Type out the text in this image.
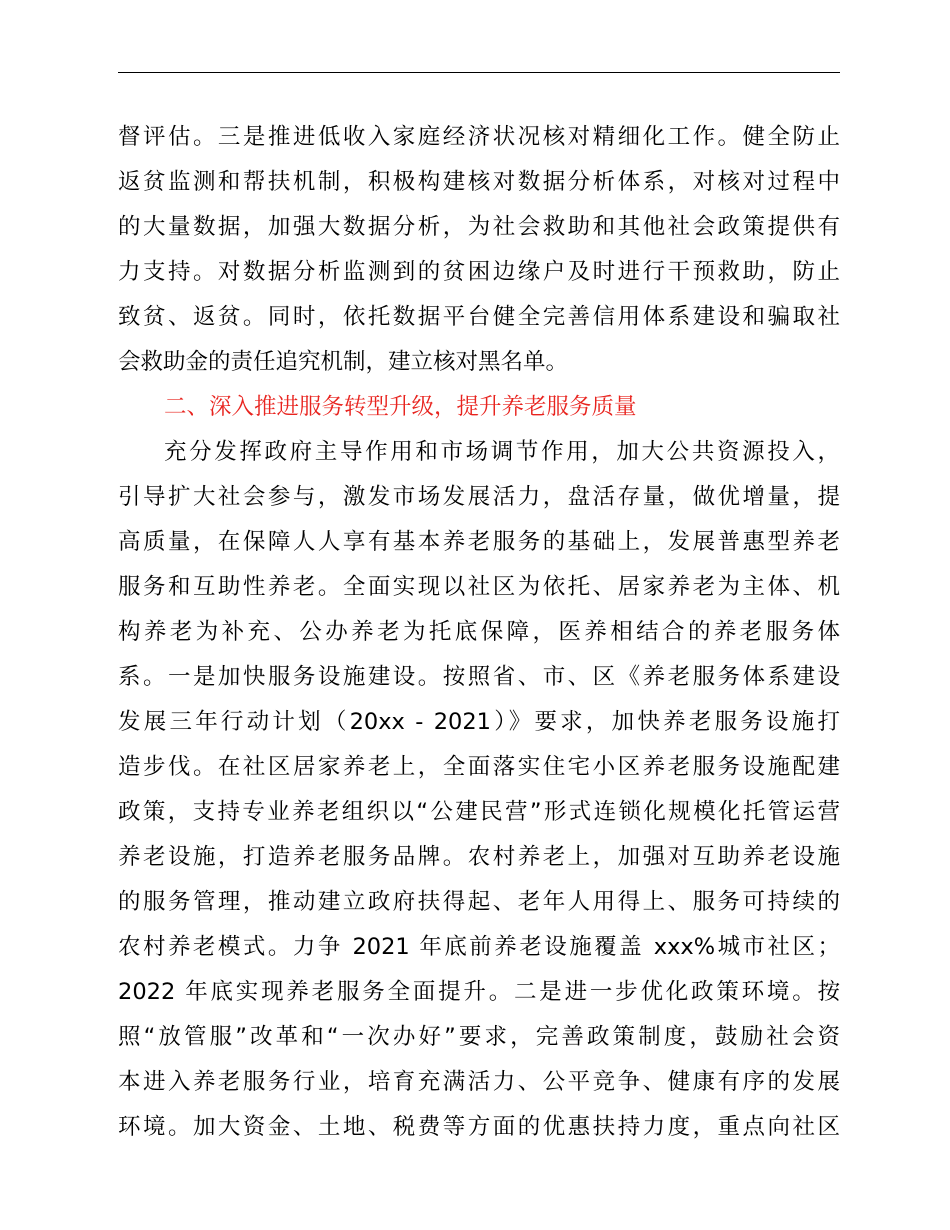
督评估。三是推进低收入家庭经济状况核对精细化工作。健全防止
返贫监测和帮扶机制，积极构建核对数据分析体系，对核对过程中
的大量数据，加强大数据分析，为社会救助和其他社会政策提供有
力支持。对数据分析监测到的贫困边缘户及时进行干预救助，防止
致贫、返贫。同时，依托数据平台健全完善信用体系建设和骗取社
会救助金的责任追究机制，建立核对黑名单。
二、深入推进服务转型升级，提升养老服务质量
充分发挥政府主导作用和市场调节作用，加大公共资源投入，
引导扩大社会参与，激发市场发展活力，盘活存量，做优增量，提
高质量，在保障人人享有基本养老服务的基础上，发展普惠型养老
服务和互助性养老。全面实现以社区为依托、居家养老为主体、机
构养老为补充、公办养老为托底保障，医养相结合的养老服务体
系。一是加快服务设施建设。按照省、市、区《养老服务体系建设
发展三年行动计划（20xx - 2021）》要求，加快养老服务设施打
造步伐。在社区居家养老上，全面落实住宅小区养老服务设施配建
政策，支持专业养老组织以“公建民营”形式连锁化规模化托管运营
养老设施，打造养老服务品牌。农村养老上，加强对互助养老设施
的服务管理，推动建立政府扶得起、老年人用得上、服务可持续的
农村养老模式。力争 2021 年底前养老设施覆盖 xxx%城市社区；
2022 年底实现养老服务全面提升。二是进一步优化政策环境。按
照“放管服”改革和“一次办好”要求，完善政策制度，鼓励社会资
本进入养老服务行业，培育充满活力、公平竞争、健康有序的发展
环境。加大资金、土地、税费等方面的优惠扶持力度，重点向社区
